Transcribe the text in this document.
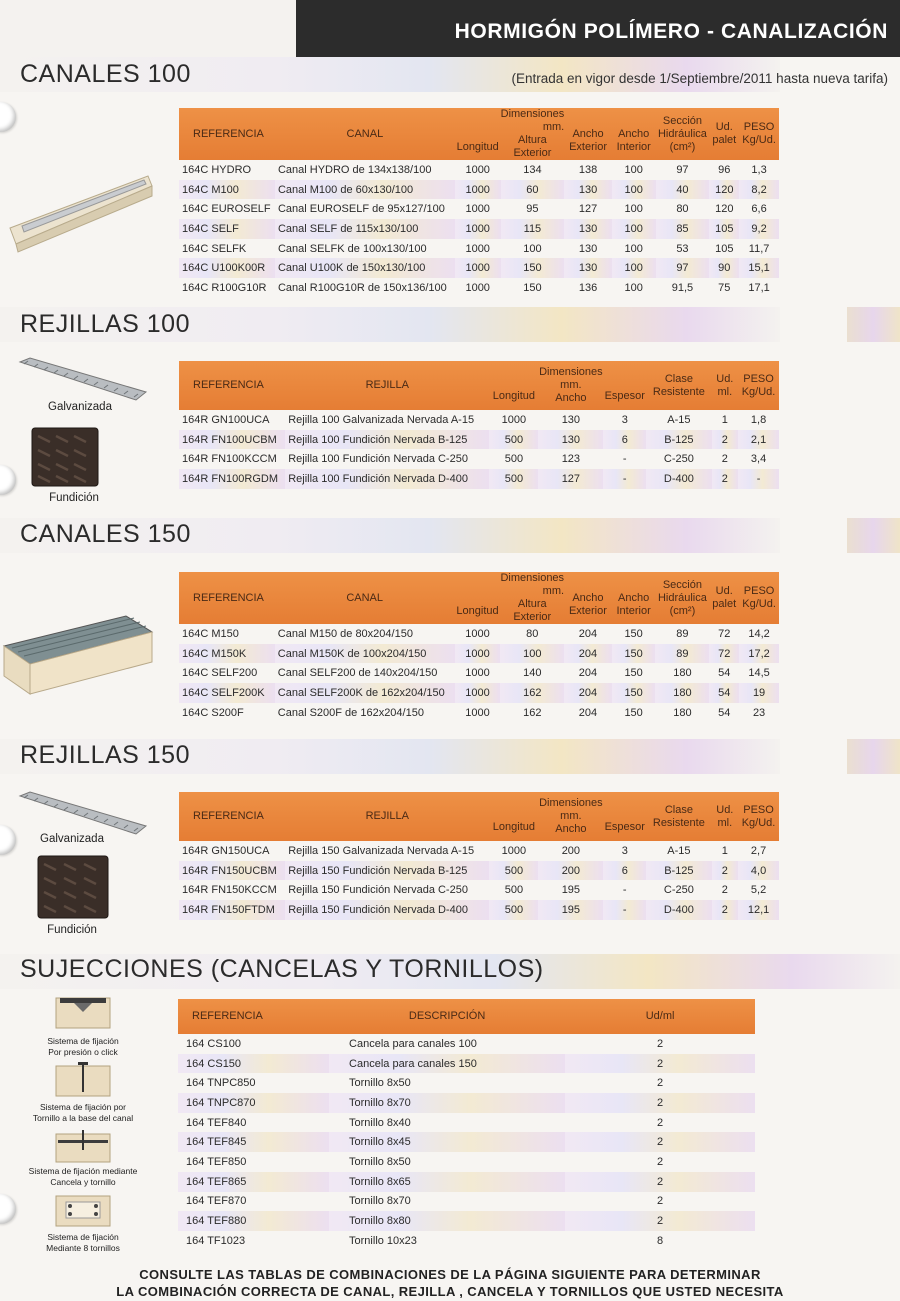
HORMIGÓN POLÍMERO - CANALIZACIÓN
CANALES 100	(Entrada en vigor desde 1/Septiembre/2011 hasta nueva tarifa)
REFERENCIA	CANAL	Longitud	Dimensiones mm.
Altura Exterior	Ancho Exterior	Ancho Interior	Sección Hidráulica (cm²)	Ud. palet	PESO Kg/Ud.
164C HYDRO	Canal HYDRO de 134x138/100	1000	134	138	100	97	96	1,3
164C M100	Canal M100 de 60x130/100	1000	60	130	100	40	120	8,2
164C EUROSELF	Canal EUROSELF de 95x127/100	1000	95	127	100	80	120	6,6
164C SELF	Canal SELF de 115x130/100	1000	115	130	100	85	105	9,2
164C SELFK	Canal SELFK de 100x130/100	1000	100	130	100	53	105	11,7
164C U100K00R	Canal U100K de 150x130/100	1000	150	130	100	97	90	15,1
164C R100G10R	Canal R100G10R de 150x136/100	1000	150	136	100	91,5	75	17,1
REJILLAS 100
Galvanizada
Fundición
REFERENCIA	REJILLA	Longitud	Dimensiones mm.
Ancho	Espesor	Clase Resistente	Ud. ml.	PESO Kg/Ud.
164R GN100UCA	Rejilla 100 Galvanizada Nervada A-15	1000	130	3	A-15	1	1,8
164R FN100UCBM	Rejilla 100 Fundición Nervada B-125	500	130	6	B-125	2	2,1
164R FN100KCCM	Rejilla 100 Fundición Nervada C-250	500	123	-	C-250	2	3,4
164R FN100RGDM	Rejilla 100 Fundición Nervada D-400	500	127	-	D-400	2	-
CANALES 150
REFERENCIA	CANAL	Longitud	Dimensiones mm.
Altura Exterior	Ancho Exterior	Ancho Interior	Sección Hidráulica (cm²)	Ud. palet	PESO Kg/Ud.
164C M150	Canal M150 de 80x204/150	1000	80	204	150	89	72	14,2
164C M150K	Canal M150K de 100x204/150	1000	100	204	150	89	72	17,2
164C SELF200	Canal SELF200 de 140x204/150	1000	140	204	150	180	54	14,5
164C SELF200K	Canal SELF200K de 162x204/150	1000	162	204	150	180	54	19
164C S200F	Canal S200F de 162x204/150	1000	162	204	150	180	54	23
REJILLAS 150
Galvanizada
Fundición
REFERENCIA	REJILLA	Longitud	Dimensiones mm.
Ancho	Espesor	Clase Resistente	Ud. ml.	PESO Kg/Ud.
164R GN150UCA	Rejilla 150 Galvanizada Nervada A-15	1000	200	3	A-15	1	2,7
164R FN150UCBM	Rejilla 150 Fundición Nervada B-125	500	200	6	B-125	2	4,0
164R FN150KCCM	Rejilla 150 Fundición Nervada C-250	500	195	-	C-250	2	5,2
164R FN150FTDM	Rejilla 150 Fundición Nervada D-400	500	195	-	D-400	2	12,1
SUJECCIONES (CANCELAS Y TORNILLOS)
Sistema de fijación
Por presión o click
Sistema de fijación por
Tornillo a la base del canal
Sistema de fijación mediante
Cancela y tornillo
Sistema de fijación
Mediante 8 tornillos
REFERENCIA	DESCRIPCIÓN	Ud/ml
164 CS100	Cancela para canales 100	2
164 CS150	Cancela para canales 150	2
164 TNPC850	Tornillo 8x50	2
164 TNPC870	Tornillo 8x70	2
164 TEF840	Tornillo 8x40	2
164 TEF845	Tornillo 8x45	2
164 TEF850	Tornillo 8x50	2
164 TEF865	Tornillo 8x65	2
164 TEF870	Tornillo 8x70	2
164 TEF880	Tornillo 8x80	2
164 TF1023	Tornillo 10x23	8
CONSULTE LAS TABLAS DE COMBINACIONES DE LA PÁGINA SIGUIENTE PARA DETERMINAR
LA COMBINACIÓN CORRECTA DE CANAL, REJILLA , CANCELA Y TORNILLOS QUE USTED NECESITA
